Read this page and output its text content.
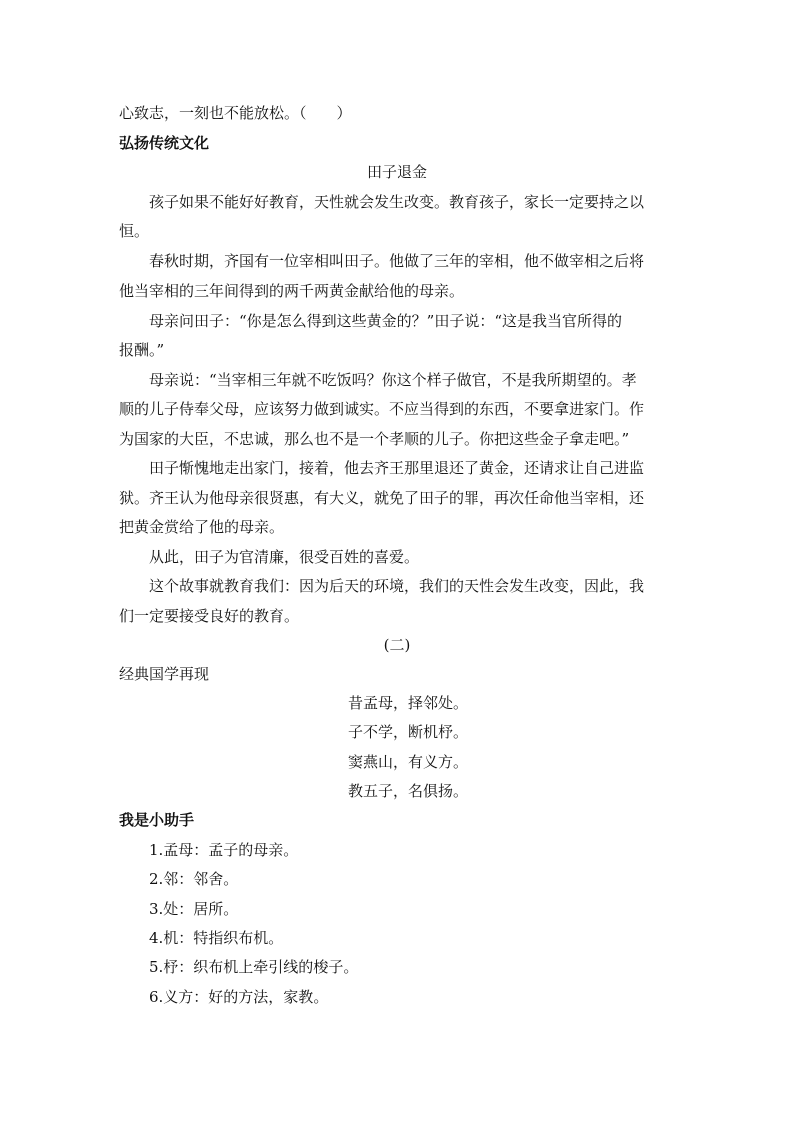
心致志，一刻也不能放松。（　　）
弘扬传统文化
田子退金
孩子如果不能好好教育，天性就会发生改变。教育孩子，家长一定要持之以
恒。
春秋时期，齐国有一位宰相叫田子。他做了三年的宰相，他不做宰相之后将
他当宰相的三年间得到的两千两黄金献给他的母亲。
母亲问田子：“你是怎么得到这些黄金的？”田子说：“这是我当官所得的
报酬。”
母亲说：“当宰相三年就不吃饭吗？你这个样子做官，不是我所期望的。孝
顺的儿子侍奉父母，应该努力做到诚实。不应当得到的东西，不要拿进家门。作
为国家的大臣，不忠诚，那么也不是一个孝顺的儿子。你把这些金子拿走吧。”
田子惭愧地走出家门，接着，他去齐王那里退还了黄金，还请求让自己进监
狱。齐王认为他母亲很贤惠，有大义，就免了田子的罪，再次任命他当宰相，还
把黄金赏给了他的母亲。
从此，田子为官清廉，很受百姓的喜爱。
这个故事就教育我们：因为后天的环境，我们的天性会发生改变，因此，我
们一定要接受良好的教育。
(二)
经典国学再现
昔孟母，择邻处。
子不学，断机杼。
窦燕山，有义方。
教五子，名俱扬。
我是小助手
1.孟母：孟子的母亲。
2.邻：邻舍。
3.处：居所。
4.机：特指织布机。
5.杼：织布机上牵引线的梭子。
6.义方：好的方法，家教。
